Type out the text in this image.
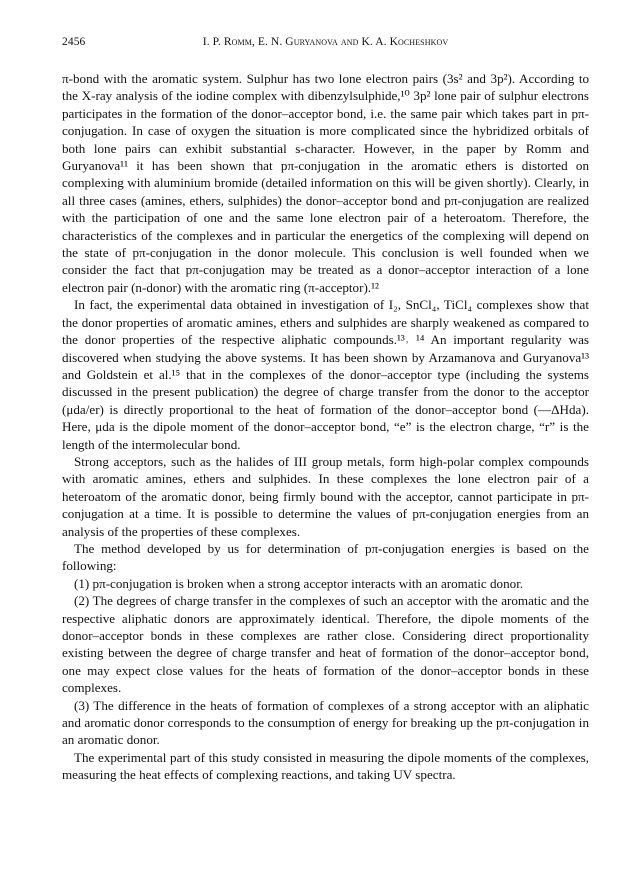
2456	I. P. Romm, E. N. Guryanova and K. A. Kocheshkov

π-bond with the aromatic system. Sulphur has two lone electron pairs (3s² and 3p²). According to the X-ray analysis of the iodine complex with dibenzylsulphide,¹⁰ 3p² lone pair of sulphur electrons participates in the formation of the donor–acceptor bond, i.e. the same pair which takes part in pπ-conjugation. In case of oxygen the situation is more complicated since the hybridized orbitals of both lone pairs can exhibit substantial s-character. However, in the paper by Romm and Guryanova¹¹ it has been shown that pπ-conjugation in the aromatic ethers is distorted on complexing with aluminium bromide (detailed information on this will be given shortly). Clearly, in all three cases (amines, ethers, sulphides) the donor–acceptor bond and pπ-conjugation are realized with the participation of one and the same lone electron pair of a heteroatom. Therefore, the characteristics of the complexes and in particular the energetics of the complexing will depend on the state of pπ-conjugation in the donor molecule. This conclusion is well founded when we consider the fact that pπ-conjugation may be treated as a donor–acceptor interaction of a lone electron pair (n-donor) with the aromatic ring (π-acceptor).¹²

In fact, the experimental data obtained in investigation of I₂, SnCl₄, TiCl₄ complexes show that the donor properties of aromatic amines, ethers and sulphides are sharply weakened as compared to the donor properties of the respective aliphatic compounds.¹³˒ ¹⁴ An important regularity was discovered when studying the above systems. It has been shown by Arzamanova and Guryanova¹³ and Goldstein et al.¹⁵ that in the complexes of the donor–acceptor type (including the systems discussed in the present publication) the degree of charge transfer from the donor to the acceptor (μda/er) is directly proportional to the heat of formation of the donor–acceptor bond (—ΔHda). Here, μda is the dipole moment of the donor–acceptor bond, “e” is the electron charge, “r” is the length of the intermolecular bond.

Strong acceptors, such as the halides of III group metals, form high-polar complex compounds with aromatic amines, ethers and sulphides. In these complexes the lone electron pair of a heteroatom of the aromatic donor, being firmly bound with the acceptor, cannot participate in pπ-conjugation at a time. It is possible to determine the values of pπ-conjugation energies from an analysis of the properties of these complexes.

The method developed by us for determination of pπ-conjugation energies is based on the following:

(1) pπ-conjugation is broken when a strong acceptor interacts with an aromatic donor.

(2) The degrees of charge transfer in the complexes of such an acceptor with the aromatic and the respective aliphatic donors are approximately identical. Therefore, the dipole moments of the donor–acceptor bonds in these complexes are rather close. Considering direct proportionality existing between the degree of charge transfer and heat of formation of the donor–acceptor bond, one may expect close values for the heats of formation of the donor–acceptor bonds in these complexes.

(3) The difference in the heats of formation of complexes of a strong acceptor with an aliphatic and aromatic donor corresponds to the consumption of energy for breaking up the pπ-conjugation in an aromatic donor.

The experimental part of this study consisted in measuring the dipole moments of the complexes, measuring the heat effects of complexing reactions, and taking UV spectra.
